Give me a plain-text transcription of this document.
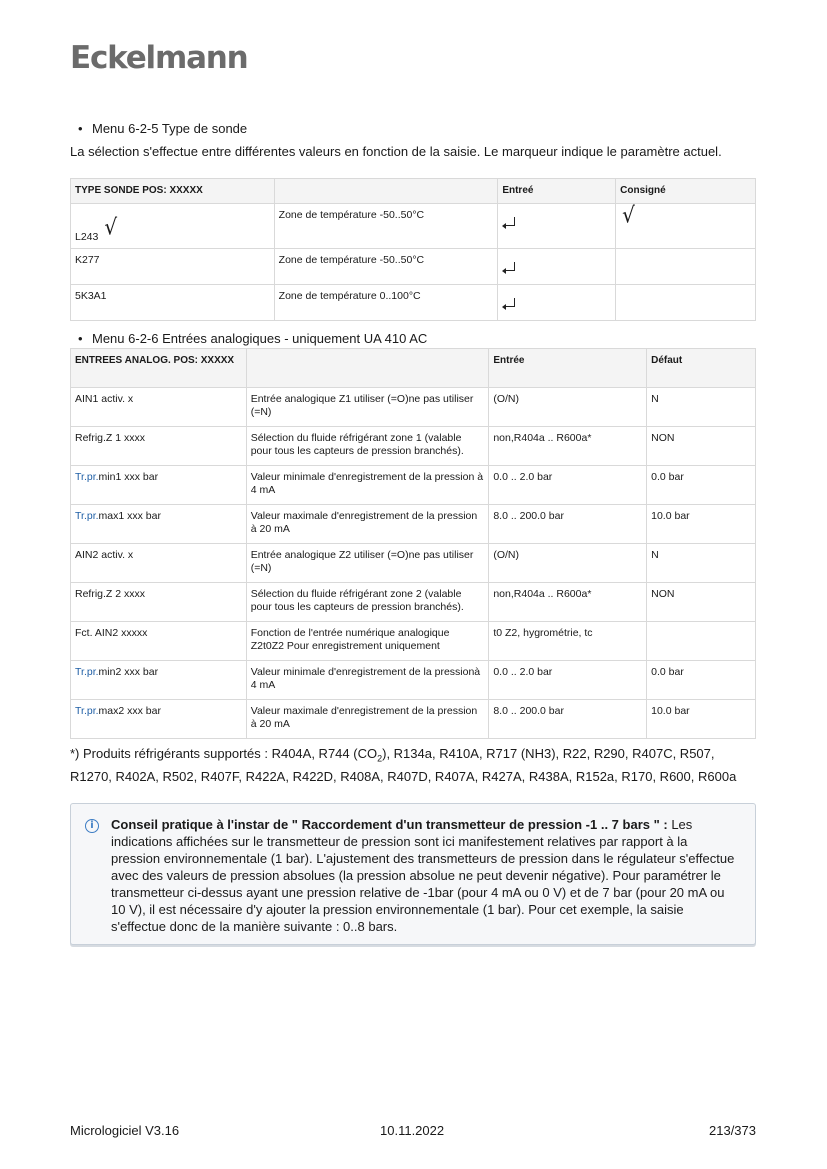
Eckelmann
• Menu 6-2-5 Type de sonde
La sélection s'effectue entre différentes valeurs en fonction de la saisie. Le marqueur indique le paramètre actuel.
TYPE SONDE POS: XXXXX		Entreé	Consigné
L243 √	Zone de température -50..50°C		√
K277	Zone de température -50..50°C		
5K3A1	Zone de température 0..100°C		
• Menu 6-2-6 Entrées analogiques - uniquement UA 410 AC
ENTREES ANALOG. POS: XXXXX		Entrée	Défaut
AIN1 activ. x	Entrée analogique Z1 utiliser (=O)ne pas utiliser (=N)	(O/N)	N
Refrig.Z 1 xxxx	Sélection du fluide réfrigérant zone 1 (valable pour tous les capteurs de pression branchés).	non,R404a .. R600a*	NON
Tr.pr.min1 xxx bar	Valeur minimale d'enregistrement de la pression à 4 mA	0.0 .. 2.0 bar	0.0 bar
Tr.pr.max1 xxx bar	Valeur maximale d'enregistrement de la pression à 20 mA	8.0 .. 200.0 bar	10.0 bar
AIN2 activ. x	Entrée analogique Z2 utiliser (=O)ne pas utiliser (=N)	(O/N)	N
Refrig.Z 2 xxxx	Sélection du fluide réfrigérant zone 2 (valable pour tous les capteurs de pression branchés).	non,R404a .. R600a*	NON
Fct. AIN2 xxxxx	Fonction de l'entrée numérique analogique Z2t0Z2 Pour enregistrement uniquement	t0 Z2, hygrométrie, tc	
Tr.pr.min2 xxx bar	Valeur minimale d'enregistrement de la pressionà 4 mA	0.0 .. 2.0 bar	0.0 bar
Tr.pr.max2 xxx bar	Valeur maximale d'enregistrement de la pression à 20 mA	8.0 .. 200.0 bar	10.0 bar
*) Produits réfrigérants supportés : R404A, R744 $(CO_2)$, R134a, R410A, R717 (NH3), R22, R290, R407C, R507, R1270, R402A, R502, R407F, R422A, R422D, R408A, R407D, R407A, R427A, R438A, R152a, R170, R600, R600a
i	Conseil pratique à l'instar de " Raccordement d'un transmetteur de pression -1 .. 7 bars " : Les indications affichées sur le transmetteur de pression sont ici manifestement relatives par rapport à la pression environnementale (1 bar). L'ajustement des transmetteurs de pression dans le régulateur s'effectue avec des valeurs de pression absolues (la pression absolue ne peut devenir négative). Pour paramétrer le transmetteur ci-dessus ayant une pression relative de -1bar (pour 4 mA ou 0 V) et de 7 bar (pour 20 mA ou 10 V), il est nécessaire d'y ajouter la pression environnementale (1 bar). Pour cet exemple, la saisie s'effectue donc de la manière suivante : 0..8 bars.
Micrologiciel V3.16	10.11.2022	213/373
